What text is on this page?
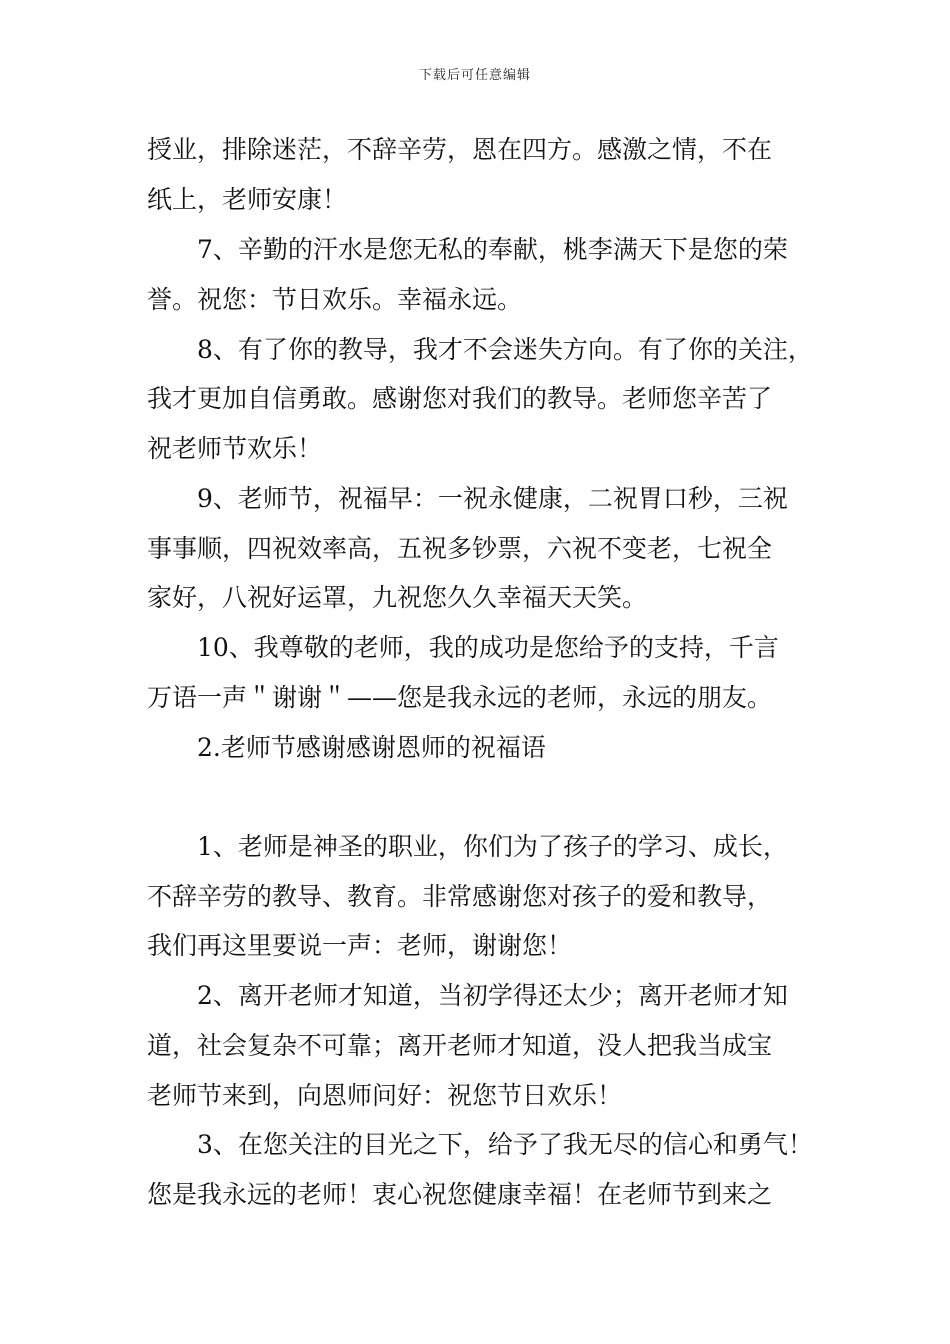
下载后可任意编辑
授业，排除迷茫，不辞辛劳，恩在四方。感激之情，不在
纸上，老师安康！
7、辛勤的汗水是您无私的奉献，桃李满天下是您的荣
誉。祝您：节日欢乐。幸福永远。
8、有了你的教导，我才不会迷失方向。有了你的关注，
我才更加自信勇敢。感谢您对我们的教导。老师您辛苦了
祝老师节欢乐！
9、老师节，祝福早：一祝永健康，二祝胃口秒，三祝
事事顺，四祝效率高，五祝多钞票，六祝不变老，七祝全
家好，八祝好运罩，九祝您久久幸福天天笑。
10、我尊敬的老师，我的成功是您给予的支持，千言
万语一声＂谢谢＂——您是我永远的老师，永远的朋友。
2.老师节感谢感谢恩师的祝福语
1、老师是神圣的职业，你们为了孩子的学习、成长，
不辞辛劳的教导、教育。非常感谢您对孩子的爱和教导，
我们再这里要说一声：老师，谢谢您！
2、离开老师才知道，当初学得还太少；离开老师才知
道，社会复杂不可靠；离开老师才知道，没人把我当成宝
老师节来到，向恩师问好：祝您节日欢乐！
3、在您关注的目光之下，给予了我无尽的信心和勇气！
您是我永远的老师！衷心祝您健康幸福！在老师节到来之
